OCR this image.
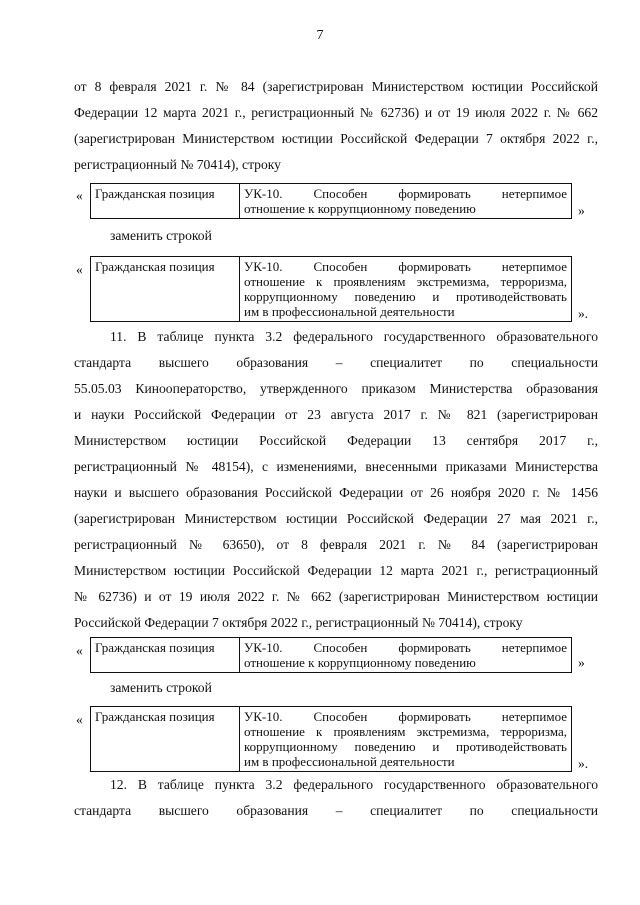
7
от 8 февраля 2021 г. № 84 (зарегистрирован Министерством юстиции Российской
Федерации 12 марта 2021 г., регистрационный № 62736) и от 19 июля 2022 г. № 662
(зарегистрирован Министерством юстиции Российской Федерации 7 октября 2022 г.,
регистрационный № 70414), строку
« Гражданская позиция	УК-10. Способен формировать нетерпимое
отношение к коррупционному поведению	»
заменить строкой
« Гражданская позиция	УК-10. Способен формировать нетерпимое
отношение к проявлениям экстремизма, терроризма,
коррупционному поведению и противодействовать
им в профессиональной деятельности	».
11. В таблице пункта 3.2 федерального государственного образовательного
стандарта высшего образования – специалитет по специальности
55.05.03 Кинооператорство, утвержденного приказом Министерства образования
и науки Российской Федерации от 23 августа 2017 г. № 821 (зарегистрирован
Министерством юстиции Российской Федерации 13 сентября 2017 г.,
регистрационный № 48154), с изменениями, внесенными приказами Министерства
науки и высшего образования Российской Федерации от 26 ноября 2020 г. № 1456
(зарегистрирован Министерством юстиции Российской Федерации 27 мая 2021 г.,
регистрационный № 63650), от 8 февраля 2021 г. № 84 (зарегистрирован
Министерством юстиции Российской Федерации 12 марта 2021 г., регистрационный
№ 62736) и от 19 июля 2022 г. № 662 (зарегистрирован Министерством юстиции
Российской Федерации 7 октября 2022 г., регистрационный № 70414), строку
« Гражданская позиция	УК-10. Способен формировать нетерпимое
отношение к коррупционному поведению	»
заменить строкой
« Гражданская позиция	УК-10. Способен формировать нетерпимое
отношение к проявлениям экстремизма, терроризма,
коррупционному поведению и противодействовать
им в профессиональной деятельности	».
12. В таблице пункта 3.2 федерального государственного образовательного
стандарта высшего образования – специалитет по специальности
